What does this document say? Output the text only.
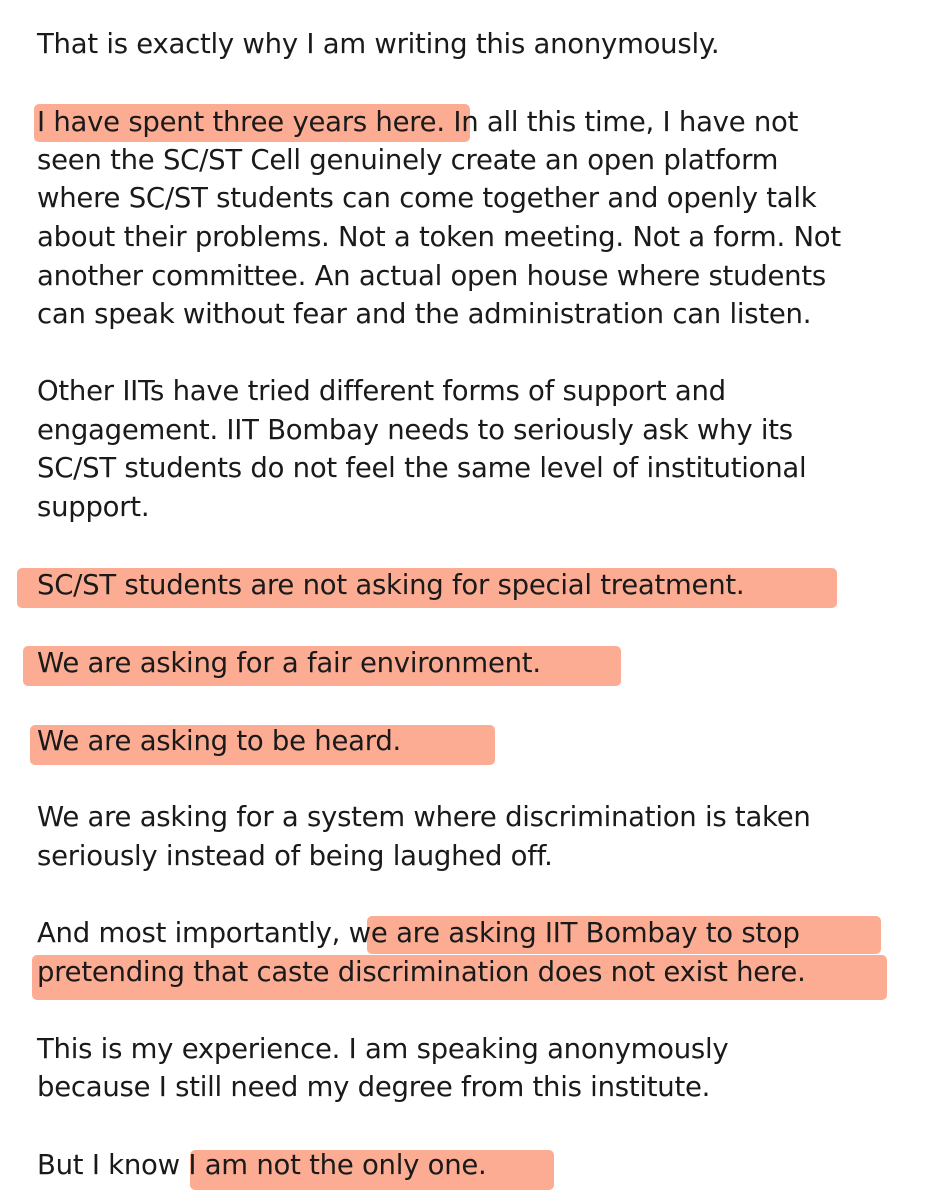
That is exactly why I am writing this anonymously.

I have spent three years here. In all this time, I have not

seen the SC/ST Cell genuinely create an open platform

where SC/ST students can come together and openly talk

about their problems. Not a token meeting. Not a form. Not

another committee. An actual open house where students

can speak without fear and the administration can listen.

Other IITs have tried different forms of support and

engagement. IIT Bombay needs to seriously ask why its

SC/ST students do not feel the same level of institutional

support.

SC/ST students are not asking for special treatment.

We are asking for a fair environment.

We are asking to be heard.

We are asking for a system where discrimination is taken

seriously instead of being laughed off.

And most importantly, we are asking IIT Bombay to stop

pretending that caste discrimination does not exist here.

This is my experience. I am speaking anonymously

because I still need my degree from this institute.

But I know I am not the only one.
